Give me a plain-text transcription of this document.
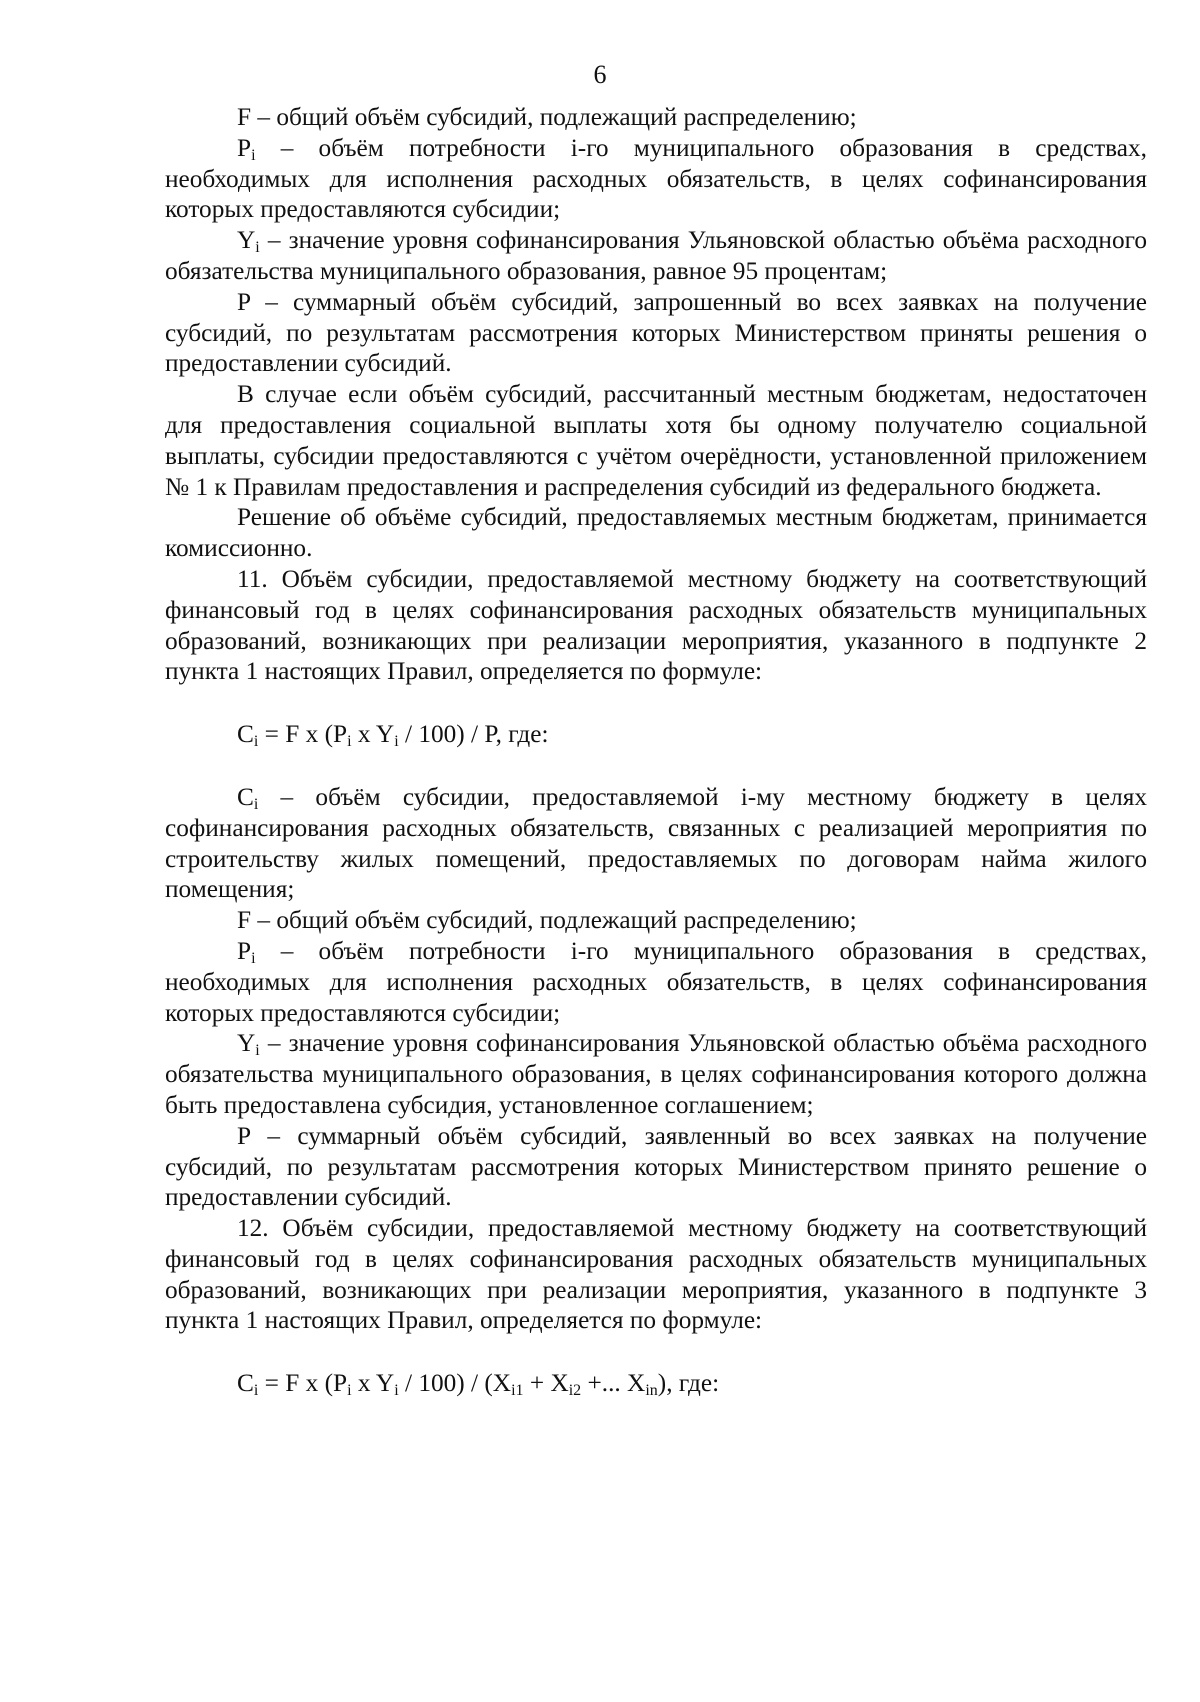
6

F – общий объём субсидий, подлежащий распределению;

$P_i$ – объём потребности i-го муниципального образования в средствах, необходимых для исполнения расходных обязательств, в целях софинансирования которых предоставляются субсидии;

$Y_i$ – значение уровня софинансирования Ульяновской областью объёма расходного обязательства муниципального образования, равное 95 процентам;

P – суммарный объём субсидий, запрошенный во всех заявках на получение субсидий, по результатам рассмотрения которых Министерством приняты решения о предоставлении субсидий.

В случае если объём субсидий, рассчитанный местным бюджетам, недостаточен для предоставления социальной выплаты хотя бы одному получателю социальной выплаты, субсидии предоставляются с учётом очерёдности, установленной приложением № 1 к Правилам предоставления и распределения субсидий из федерального бюджета.

Решение об объёме субсидий, предоставляемых местным бюджетам, принимается комиссионно.

11. Объём субсидии, предоставляемой местному бюджету на соответствующий финансовый год в целях софинансирования расходных обязательств муниципальных образований, возникающих при реализации мероприятия, указанного в подпункте 2 пункта 1 настоящих Правил, определяется по формуле:

$C_i = F$ x ($P_i$ x $Y_i / 100$) / P, где:

$C_i$ – объём субсидии, предоставляемой i-му местному бюджету в целях софинансирования расходных обязательств, связанных с реализацией мероприятия по строительству жилых помещений, предоставляемых по договорам найма жилого помещения;

F – общий объём субсидий, подлежащий распределению;

$P_i$ – объём потребности i-го муниципального образования в средствах, необходимых для исполнения расходных обязательств, в целях софинансирования которых предоставляются субсидии;

$Y_i$ – значение уровня софинансирования Ульяновской областью объёма расходного обязательства муниципального образования, в целях софинансирования которого должна быть предоставлена субсидия, установленное соглашением;

P – суммарный объём субсидий, заявленный во всех заявках на получение субсидий, по результатам рассмотрения которых Министерством принято решение о предоставлении субсидий.

12. Объём субсидии, предоставляемой местному бюджету на соответствующий финансовый год в целях софинансирования расходных обязательств муниципальных образований, возникающих при реализации мероприятия, указанного в подпункте 3 пункта 1 настоящих Правил, определяется по формуле:

$C_i = F$ x ($P_i$ x $Y_i / 100) / (X_{i1} + X_{i2}$ +... $X_{in}$), где:
